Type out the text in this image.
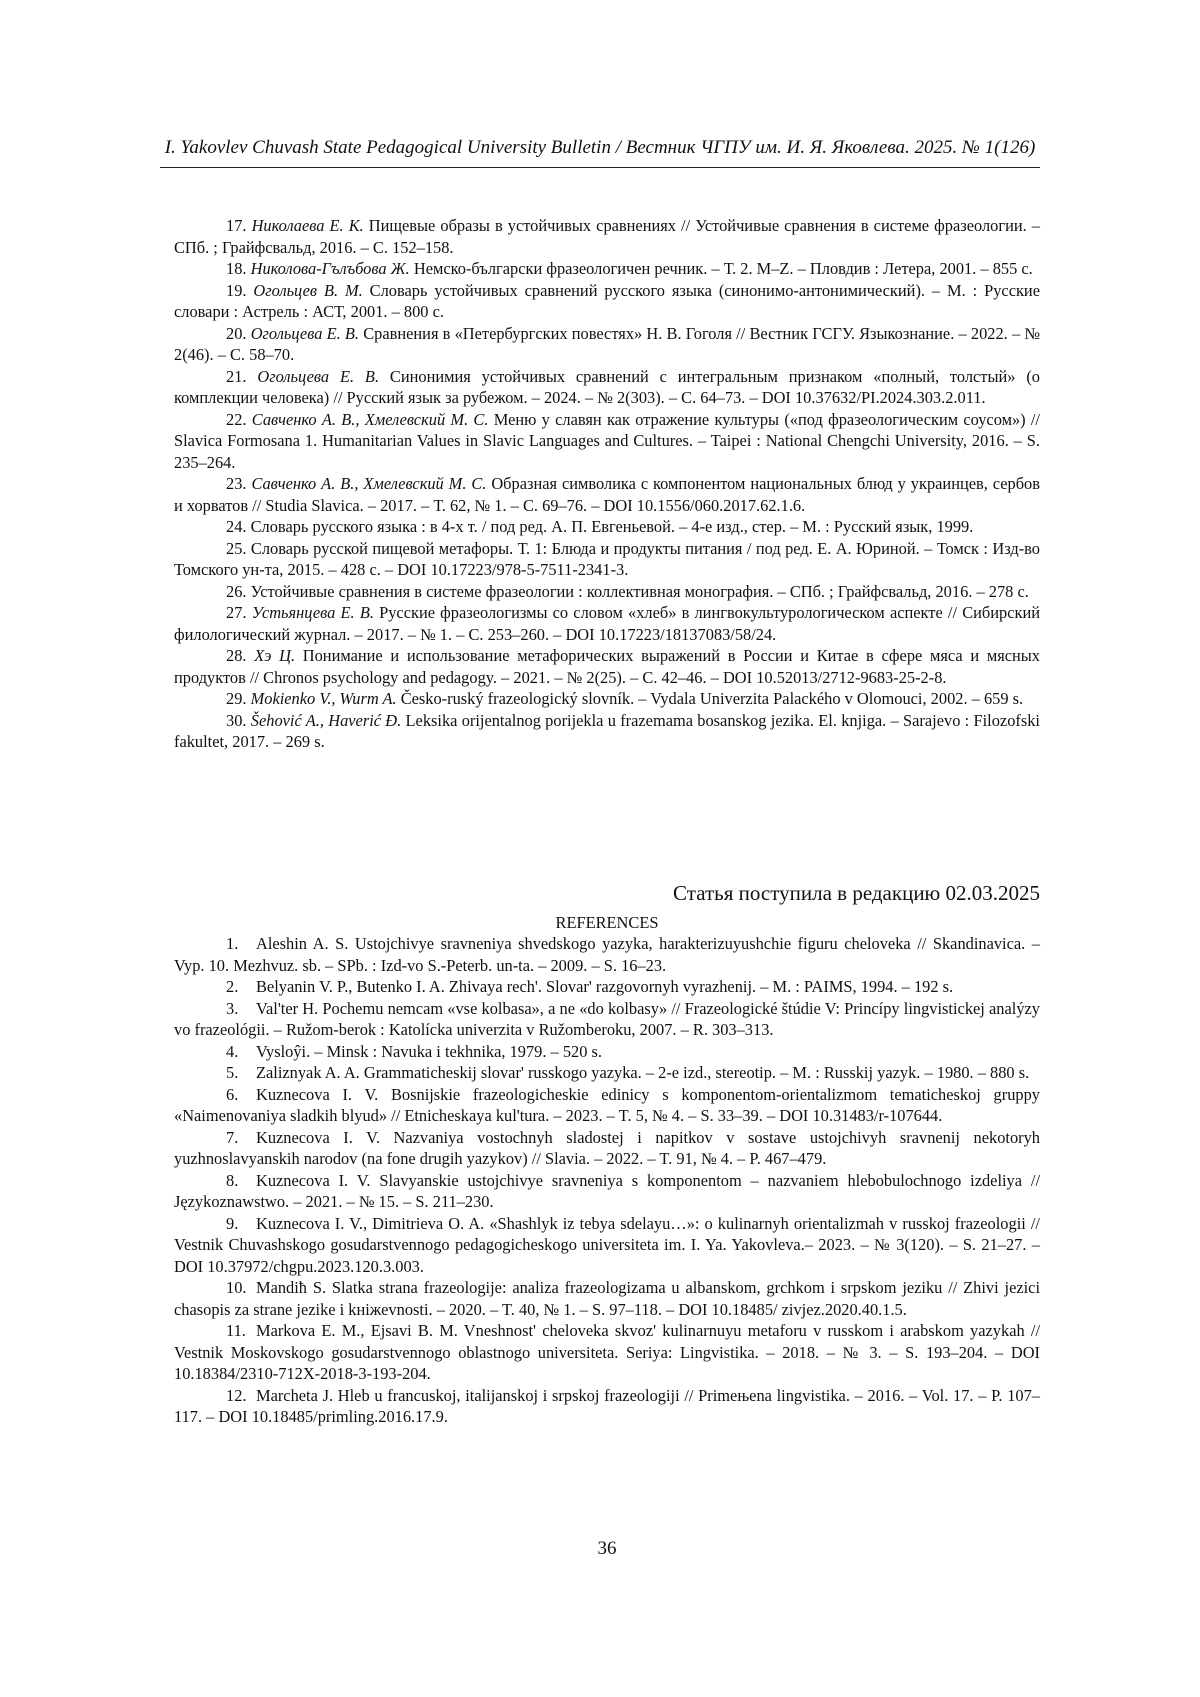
I. Yakovlev Chuvash State Pedagogical University Bulletin / Вестник ЧГПУ им. И. Я. Яковлева. 2025. № 1(126)

17. Николаева Е. К. Пищевые образы в устойчивых сравнениях // Устойчивые сравнения в системе фразеологии. – СПб. ; Грайфсвальд, 2016. – С. 152–158.

18. Николова-Гълъбова Ж. Немско-български фразеологичен речник. – Т. 2. M–Z. – Пловдив : Летера, 2001. – 855 с.

19. Огольцев В. М. Словарь устойчивых сравнений русского языка (синонимо-антонимический). – М. : Русские словари : Астрель : АСТ, 2001. – 800 с.

20. Огольцева Е. В. Сравнения в «Петербургских повестях» Н. В. Гоголя // Вестник ГСГУ. Языкознание. – 2022. – № 2(46). – С. 58–70.

21. Огольцева Е. В. Синонимия устойчивых сравнений с интегральным признаком «полный, толстый» (о комплекции человека) // Русский язык за рубежом. – 2024. – № 2(303). – С. 64–73. – DOI 10.37632/PI.2024.303.2.011.

22. Савченко А. В., Хмелевский М. С. Меню у славян как отражение культуры («под фразеологическим соусом») // Slavica Formosana 1. Humanitarian Values in Slavic Languages and Cultures. – Taipei : National Chengchi University, 2016. – S. 235–264.

23. Савченко А. В., Хмелевский М. С. Образная символика с компонентом национальных блюд у украинцев, сербов и хорватов // Studia Slavica. – 2017. – Т. 62, № 1. – С. 69–76. – DOI 10.1556/060.2017.62.1.6.

24. Словарь русского языка : в 4-х т. / под ред. А. П. Евгеньевой. – 4-е изд., стер. – М. : Русский язык, 1999.

25. Словарь русской пищевой метафоры. Т. 1: Блюда и продукты питания / под ред. Е. А. Юриной. – Томск : Изд-во Томского ун-та, 2015. – 428 с. – DOI 10.17223/978-5-7511-2341-3.

26. Устойчивые сравнения в системе фразеологии : коллективная монография. – СПб. ; Грайфсвальд, 2016. – 278 с.

27. Устьянцева Е. В. Русские фразеологизмы со словом «хлеб» в лингвокультурологическом аспекте // Сибирский филологический журнал. – 2017. – № 1. – С. 253–260. – DOI 10.17223/18137083/58/24.

28. Хэ Ц. Понимание и использование метафорических выражений в России и Китае в сфере мяса и мясных продуктов // Chronos psychology and pedagogy. – 2021. – № 2(25). – С. 42–46. – DOI 10.52013/2712-9683-25-2-8.

29. Mokienko V., Wurm A. Česko-ruský frazeologický slovník. – Vydala Univerzita Palackého v Olomouci, 2002. – 659 s.

30. Šehović A., Haverić Đ. Leksika orijentalnog porijekla u frazemama bosanskog jezika. El. knjiga. – Sarajevo : Filozofski fakultet, 2017. – 269 s.

Статья поступила в редакцию 02.03.2025
REFERENCES

1. Aleshin A. S. Ustojchivye sravneniya shvedskogo yazyka, harakterizuyushchie figuru cheloveka // Skandinavica. – Vyp. 10. Mezhvuz. sb. – SPb. : Izd-vo S.-Peterb. un-ta. – 2009. – S. 16–23.

2. Belyanin V. P., Butenko I. A. Zhivaya rech'. Slovar' razgovornyh vyrazhenij. – M. : PAIMS, 1994. – 192 s.

3. Val'ter H. Pochemu nemcam «vse kolbasa», a ne «do kolbasy» // Frazeologické štúdie V: Princípy lingvistickej analýzy vo frazeológii. – Ružom-berok : Katolícka univerzita v Ružomberoku, 2007. – R. 303–313.

4. Vysloŷi. – Minsk : Navuka i tekhnika, 1979. – 520 s.

5. Zaliznyak A. A. Grammaticheskij slovar' russkogo yazyka. – 2-e izd., stereotip. – M. : Russkij yazyk. – 1980. – 880 s.

6. Kuznecova I. V. Bosnijskie frazeologicheskie edinicy s komponentom-orientalizmom tematicheskoj gruppy «Naimenovaniya sladkih blyud» // Etnicheskaya kul'tura. – 2023. – T. 5, № 4. – S. 33–39. – DOI 10.31483/r-107644.

7. Kuznecova I. V. Nazvaniya vostochnyh sladostej i napitkov v sostave ustojchivyh sravnenij nekotoryh yuzhnoslavyanskih narodov (na fone drugih yazykov) // Slavia. – 2022. – T. 91, № 4. – P. 467–479.

8. Kuznecova I. V. Slavyanskie ustojchivye sravneniya s komponentom – nazvaniem hlebobulochnogo izdeliya // Językoznawstwo. – 2021. – № 15. – S. 211–230.

9. Kuznecova I. V., Dimitrieva O. A. «Shashlyk iz tebya sdelayu…»: o kulinarnyh orientalizmah v russkoj frazeologii // Vestnik Chuvashskogo gosudarstvennogo pedagogicheskogo universiteta im. I. Ya. Yakovleva.– 2023. – № 3(120). – S. 21–27. – DOI 10.37972/chgpu.2023.120.3.003.

10. Mandiħ S. Slatka strana frazeologije: analiza frazeologizama u albanskom, grchkom i srpskom jeziku // Zhivi jezici chasopis za strane jezike i kнiжevnosti. – 2020. – T. 40, № 1. – S. 97–118. – DOI 10.18485/ zivjez.2020.40.1.5.

11. Markova E. M., Ejsavi B. M. Vneshnost' cheloveka skvoz' kulinarnuyu metaforu v russkom i arabskom yazykah // Vestnik Moskovskogo gosudarstvennogo oblastnogo universiteta. Seriya: Lingvistika. – 2018. – № 3. – S. 193–204. – DOI 10.18384/2310-712X-2018-3-193-204.

12. Marcheta J. Hleb u francuskoj, italijanskoj i srpskoj frazeologiji // Primeњena lingvistika. – 2016. – Vol. 17. – P. 107–117. – DOI 10.18485/primling.2016.17.9.

36
